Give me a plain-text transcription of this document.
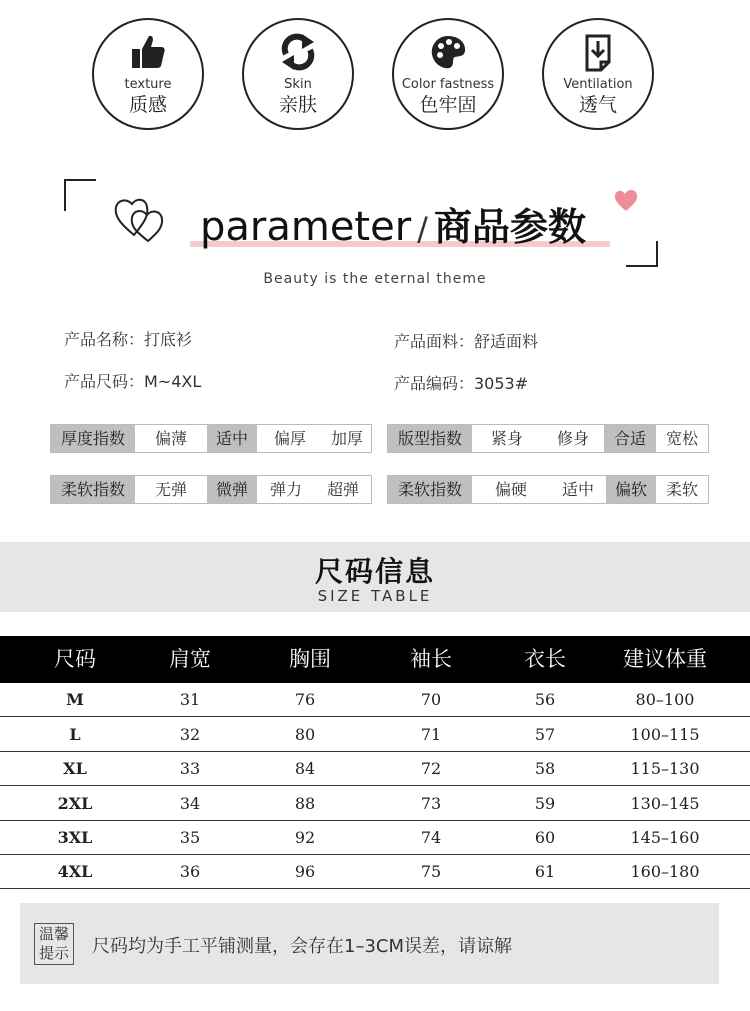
texture
质感
Skin
亲肤
Color fastness
色牢固
Ventilation
透气
parameter / 商品参数
Beauty is the eternal theme
产品名称：打底衫	产品面料：舒适面料
产品尺码：M~4XL	产品编码：3053#
厚度指数	偏薄	适中	偏厚	加厚	版型指数	紧身	修身	合适	宽松
柔软指数	无弹	微弹	弹力	超弹	柔软指数	偏硬	适中	偏软	柔软
尺码信息
SIZE TABLE
尺码	肩宽	胸围	袖长	衣长	建议体重
M	31	76	70	56	80–100
L	32	80	71	57	100–115
XL	33	84	72	58	115–130
2XL	34	88	73	59	130–145
3XL	35	92	74	60	145–160
4XL	36	96	75	61	160–180
温馨
提示 尺码均为手工平铺测量，会存在1–3CM误差，请谅解
